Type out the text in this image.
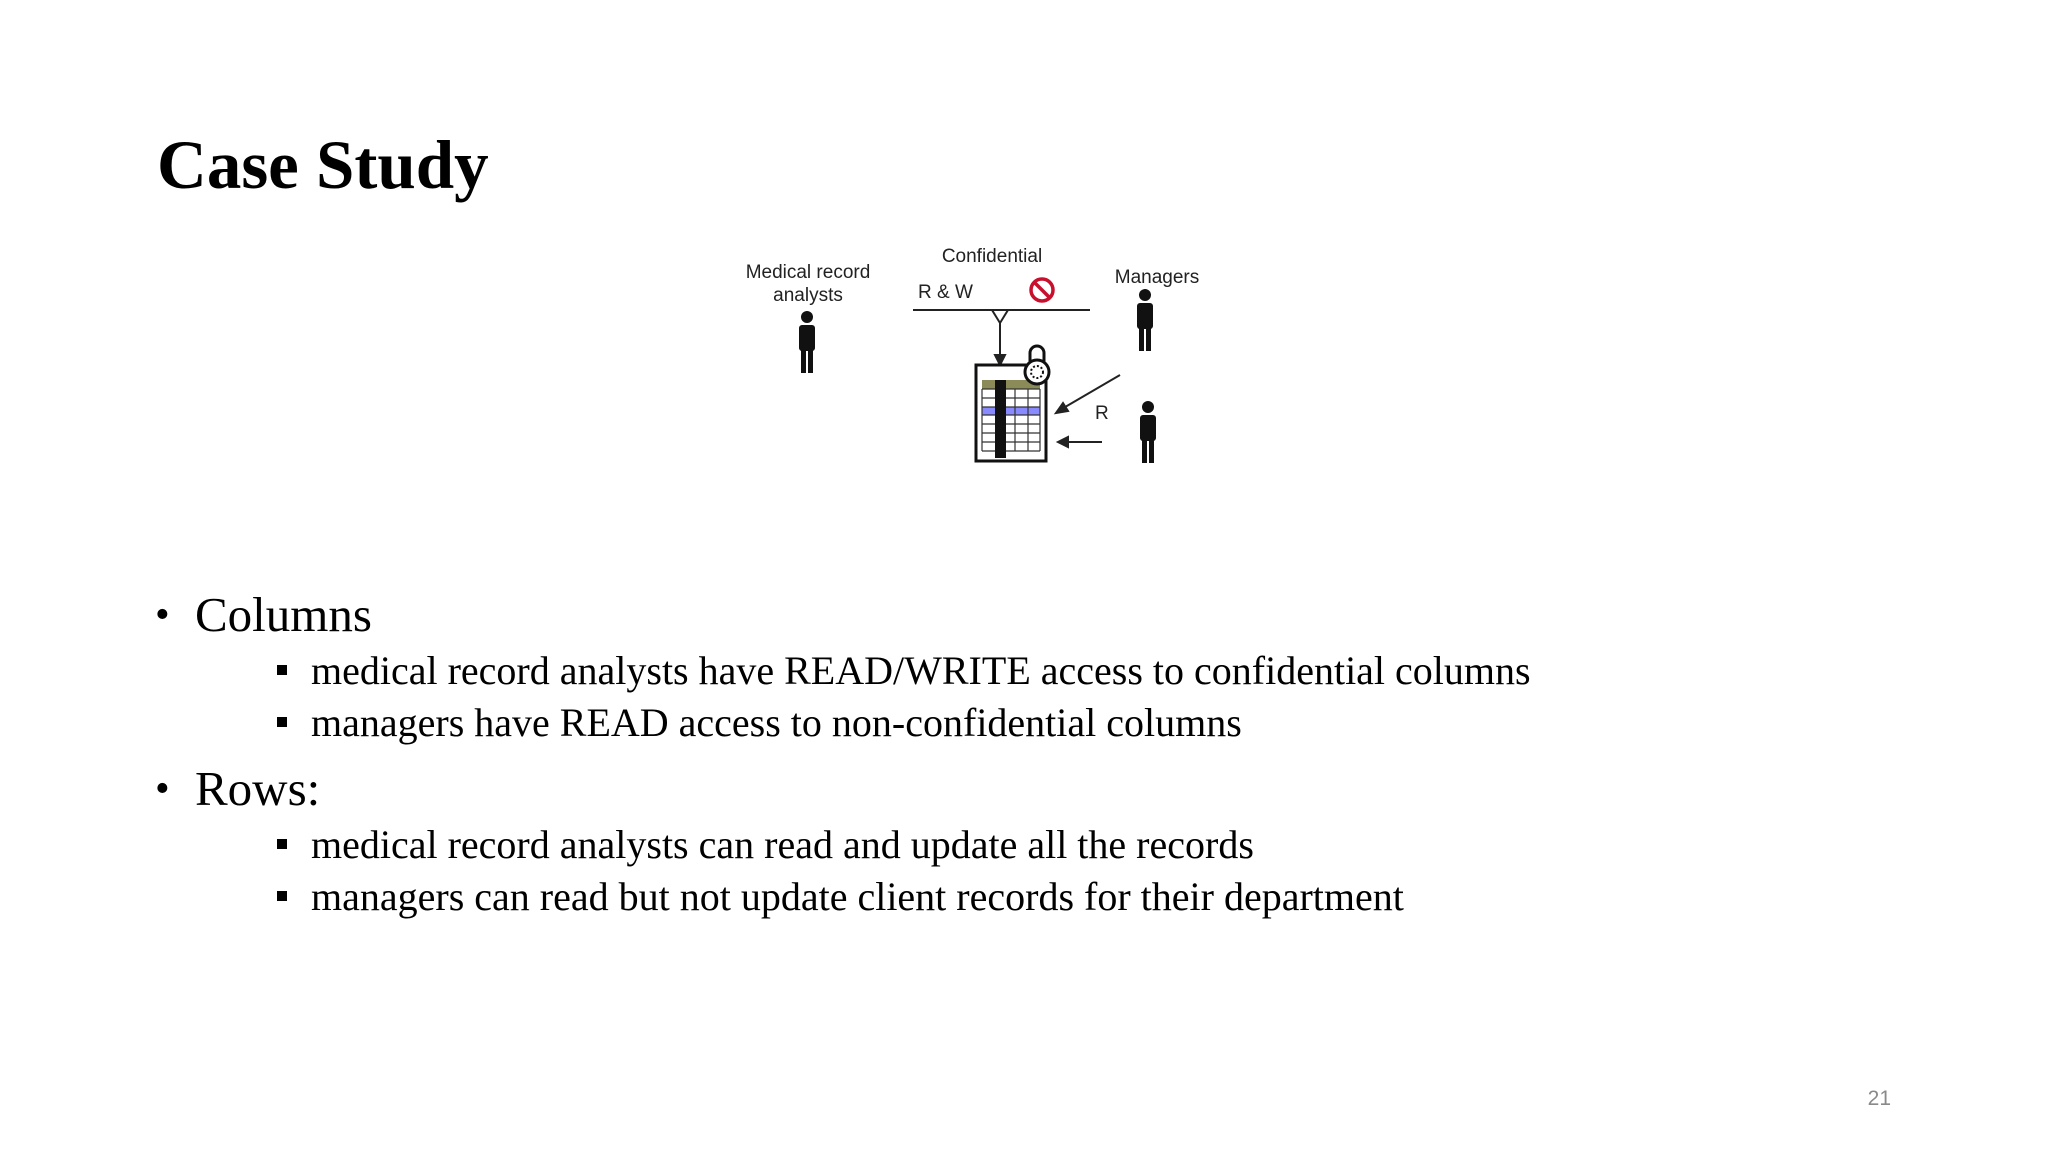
Case Study
Medical record
analysts
Confidential
R & W
Managers
R
• Columns
medical record analysts have READ/WRITE access to confidential columns
managers have READ access to non-confidential columns
• Rows:
medical record analysts can read and update all the records
managers can read but not update client records for their department
21
